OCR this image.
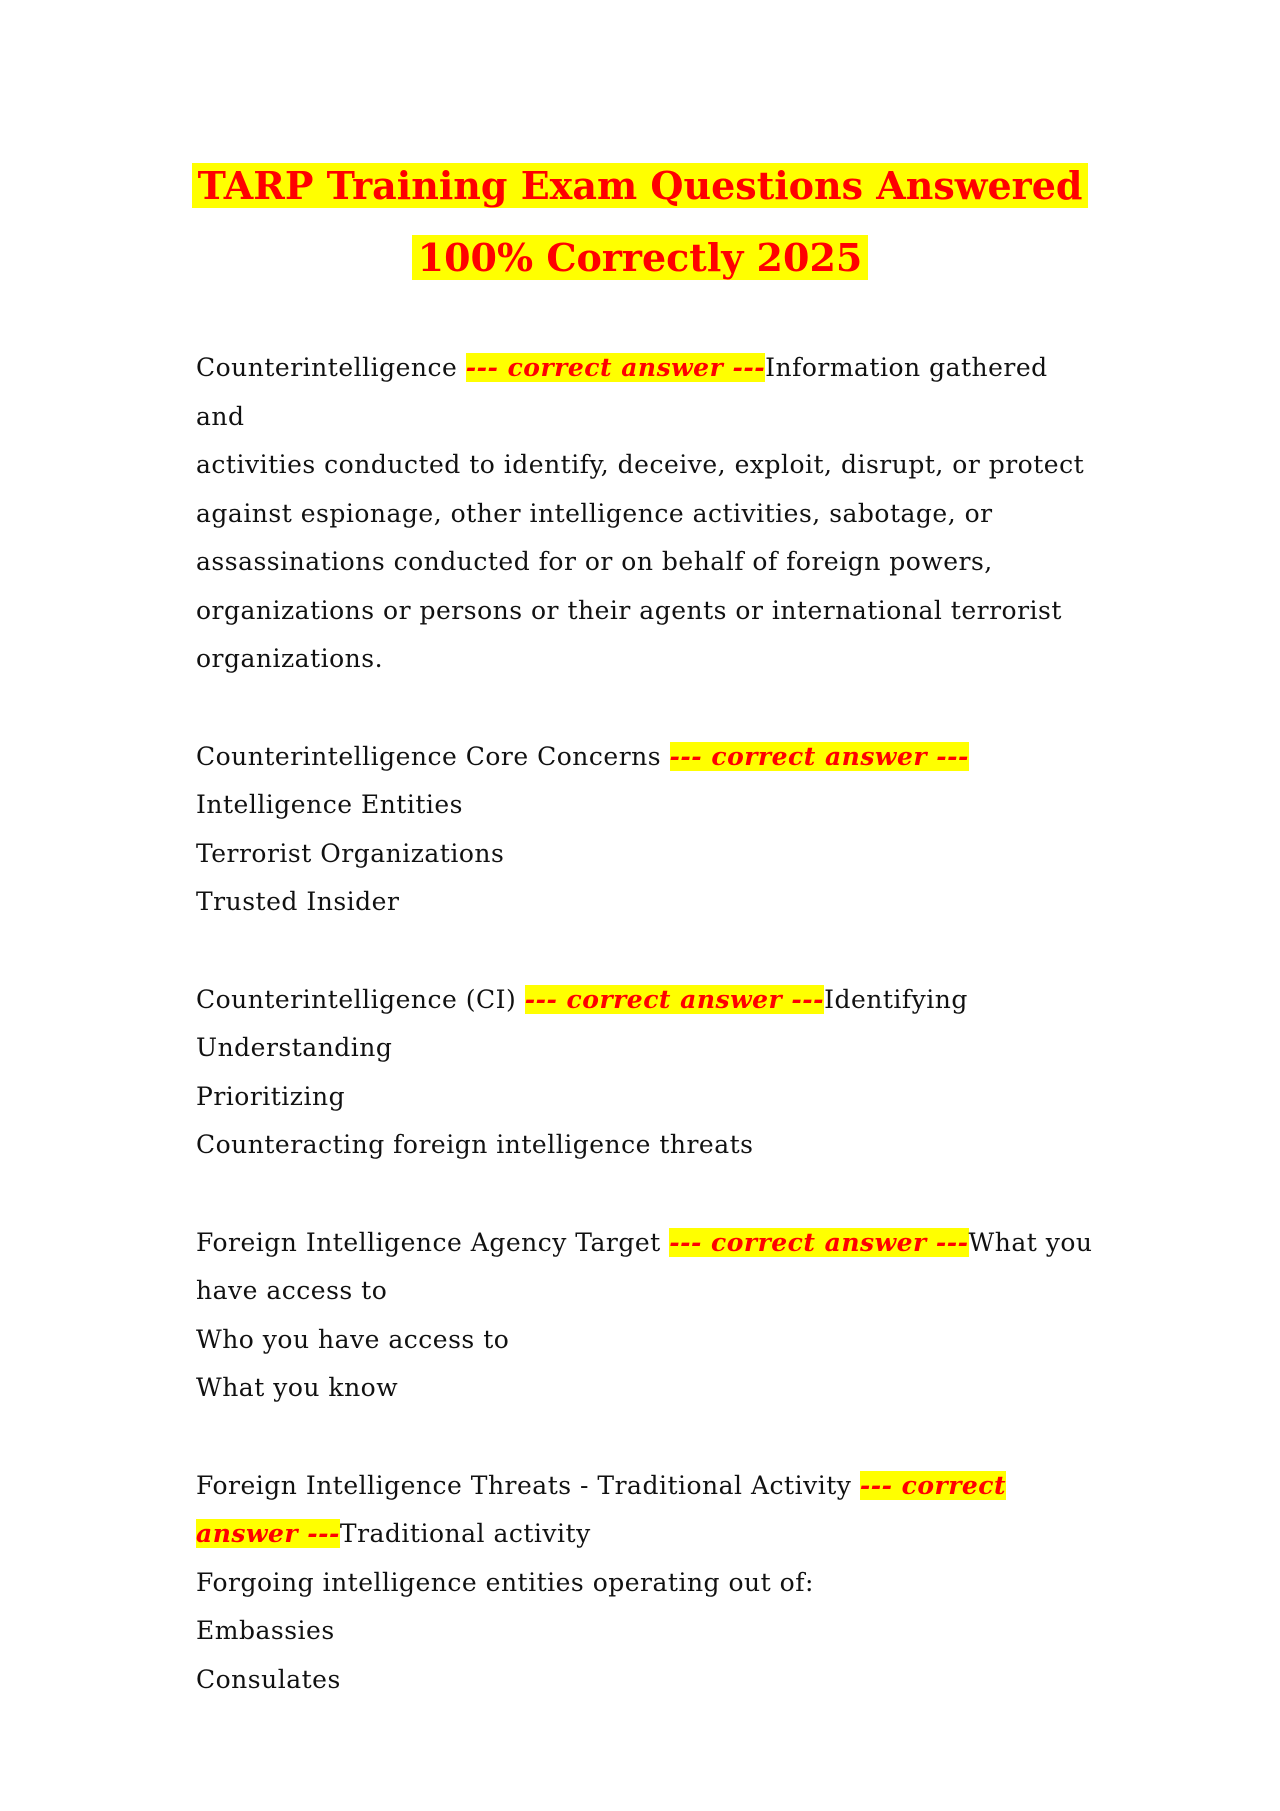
TARP Training Exam Questions Answered
100% Correctly 2025
Counterintelligence --- correct answer ---Information gathered and
activities conducted to identify, deceive, exploit, disrupt, or protect
against espionage, other intelligence activities, sabotage, or
assassinations conducted for or on behalf of foreign powers,
organizations or persons or their agents or international terrorist
organizations.
Counterintelligence Core Concerns --- correct answer ---
Intelligence Entities
Terrorist Organizations
Trusted Insider
Counterintelligence (CI) --- correct answer ---Identifying
Understanding
Prioritizing
Counteracting foreign intelligence threats
Foreign Intelligence Agency Target --- correct answer ---What you
have access to
Who you have access to
What you know
Foreign Intelligence Threats - Traditional Activity --- correct
answer ---Traditional activity
Forgoing intelligence entities operating out of:
Embassies
Consulates
